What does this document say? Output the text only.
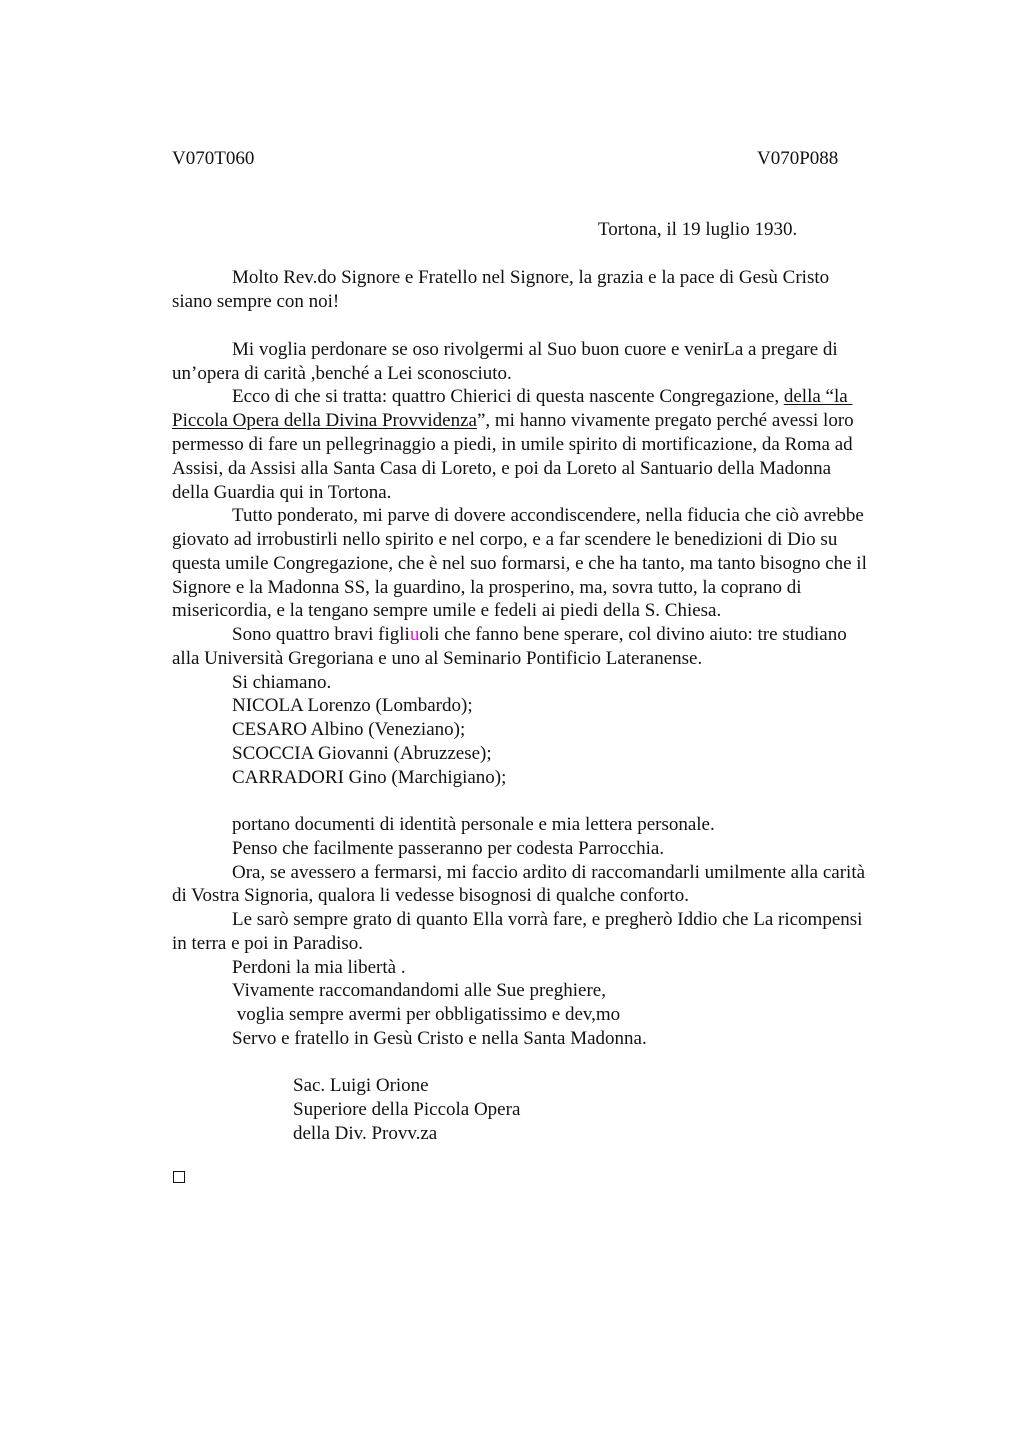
V070T060	V070P088
Tortona, il 19 luglio 1930.
Molto Rev.do Signore e Fratello nel Signore, la grazia e la pace di Gesù Cristo
siano sempre con noi!
Mi voglia perdonare se oso rivolgermi al Suo buon cuore e venirLa a pregare di
un’opera di carità ,benché a Lei sconosciuto.
Ecco di che si tratta: quattro Chierici di questa nascente Congregazione, della “la
Piccola Opera della Divina Provvidenza”, mi hanno vivamente pregato perché avessi loro
permesso di fare un pellegrinaggio a piedi, in umile spirito di mortificazione, da Roma ad
Assisi, da Assisi alla Santa Casa di Loreto, e poi da Loreto al Santuario della Madonna
della Guardia qui in Tortona.
Tutto ponderato, mi parve di dovere accondiscendere, nella fiducia che ciò avrebbe
giovato ad irrobustirli nello spirito e nel corpo, e a far scendere le benedizioni di Dio su
questa umile Congregazione, che è nel suo formarsi, e che ha tanto, ma tanto bisogno che il
Signore e la Madonna SS, la guardino, la prosperino, ma, sovra tutto, la coprano di
misericordia, e la tengano sempre umile e fedeli ai piedi della S. Chiesa.
Sono quattro bravi figliuoli che fanno bene sperare, col divino aiuto: tre studiano
alla Università Gregoriana e uno al Seminario Pontificio Lateranense.
Si chiamano.
NICOLA Lorenzo (Lombardo);
CESARO Albino (Veneziano);
SCOCCIA Giovanni (Abruzzese);
CARRADORI Gino (Marchigiano);
portano documenti di identità personale e mia lettera personale.
Penso che facilmente passeranno per codesta Parrocchia.
Ora, se avessero a fermarsi, mi faccio ardito di raccomandarli umilmente alla carità
di Vostra Signoria, qualora li vedesse bisognosi di qualche conforto.
Le sarò sempre grato di quanto Ella vorrà fare, e pregherò Iddio che La ricompensi
in terra e poi in Paradiso.
Perdoni la mia libertà .
Vivamente raccomandandomi alle Sue preghiere,
voglia sempre avermi per obbligatissimo e dev,mo
Servo e fratello in Gesù Cristo e nella Santa Madonna.
Sac. Luigi Orione
Superiore della Piccola Opera
della Div. Provv.za
